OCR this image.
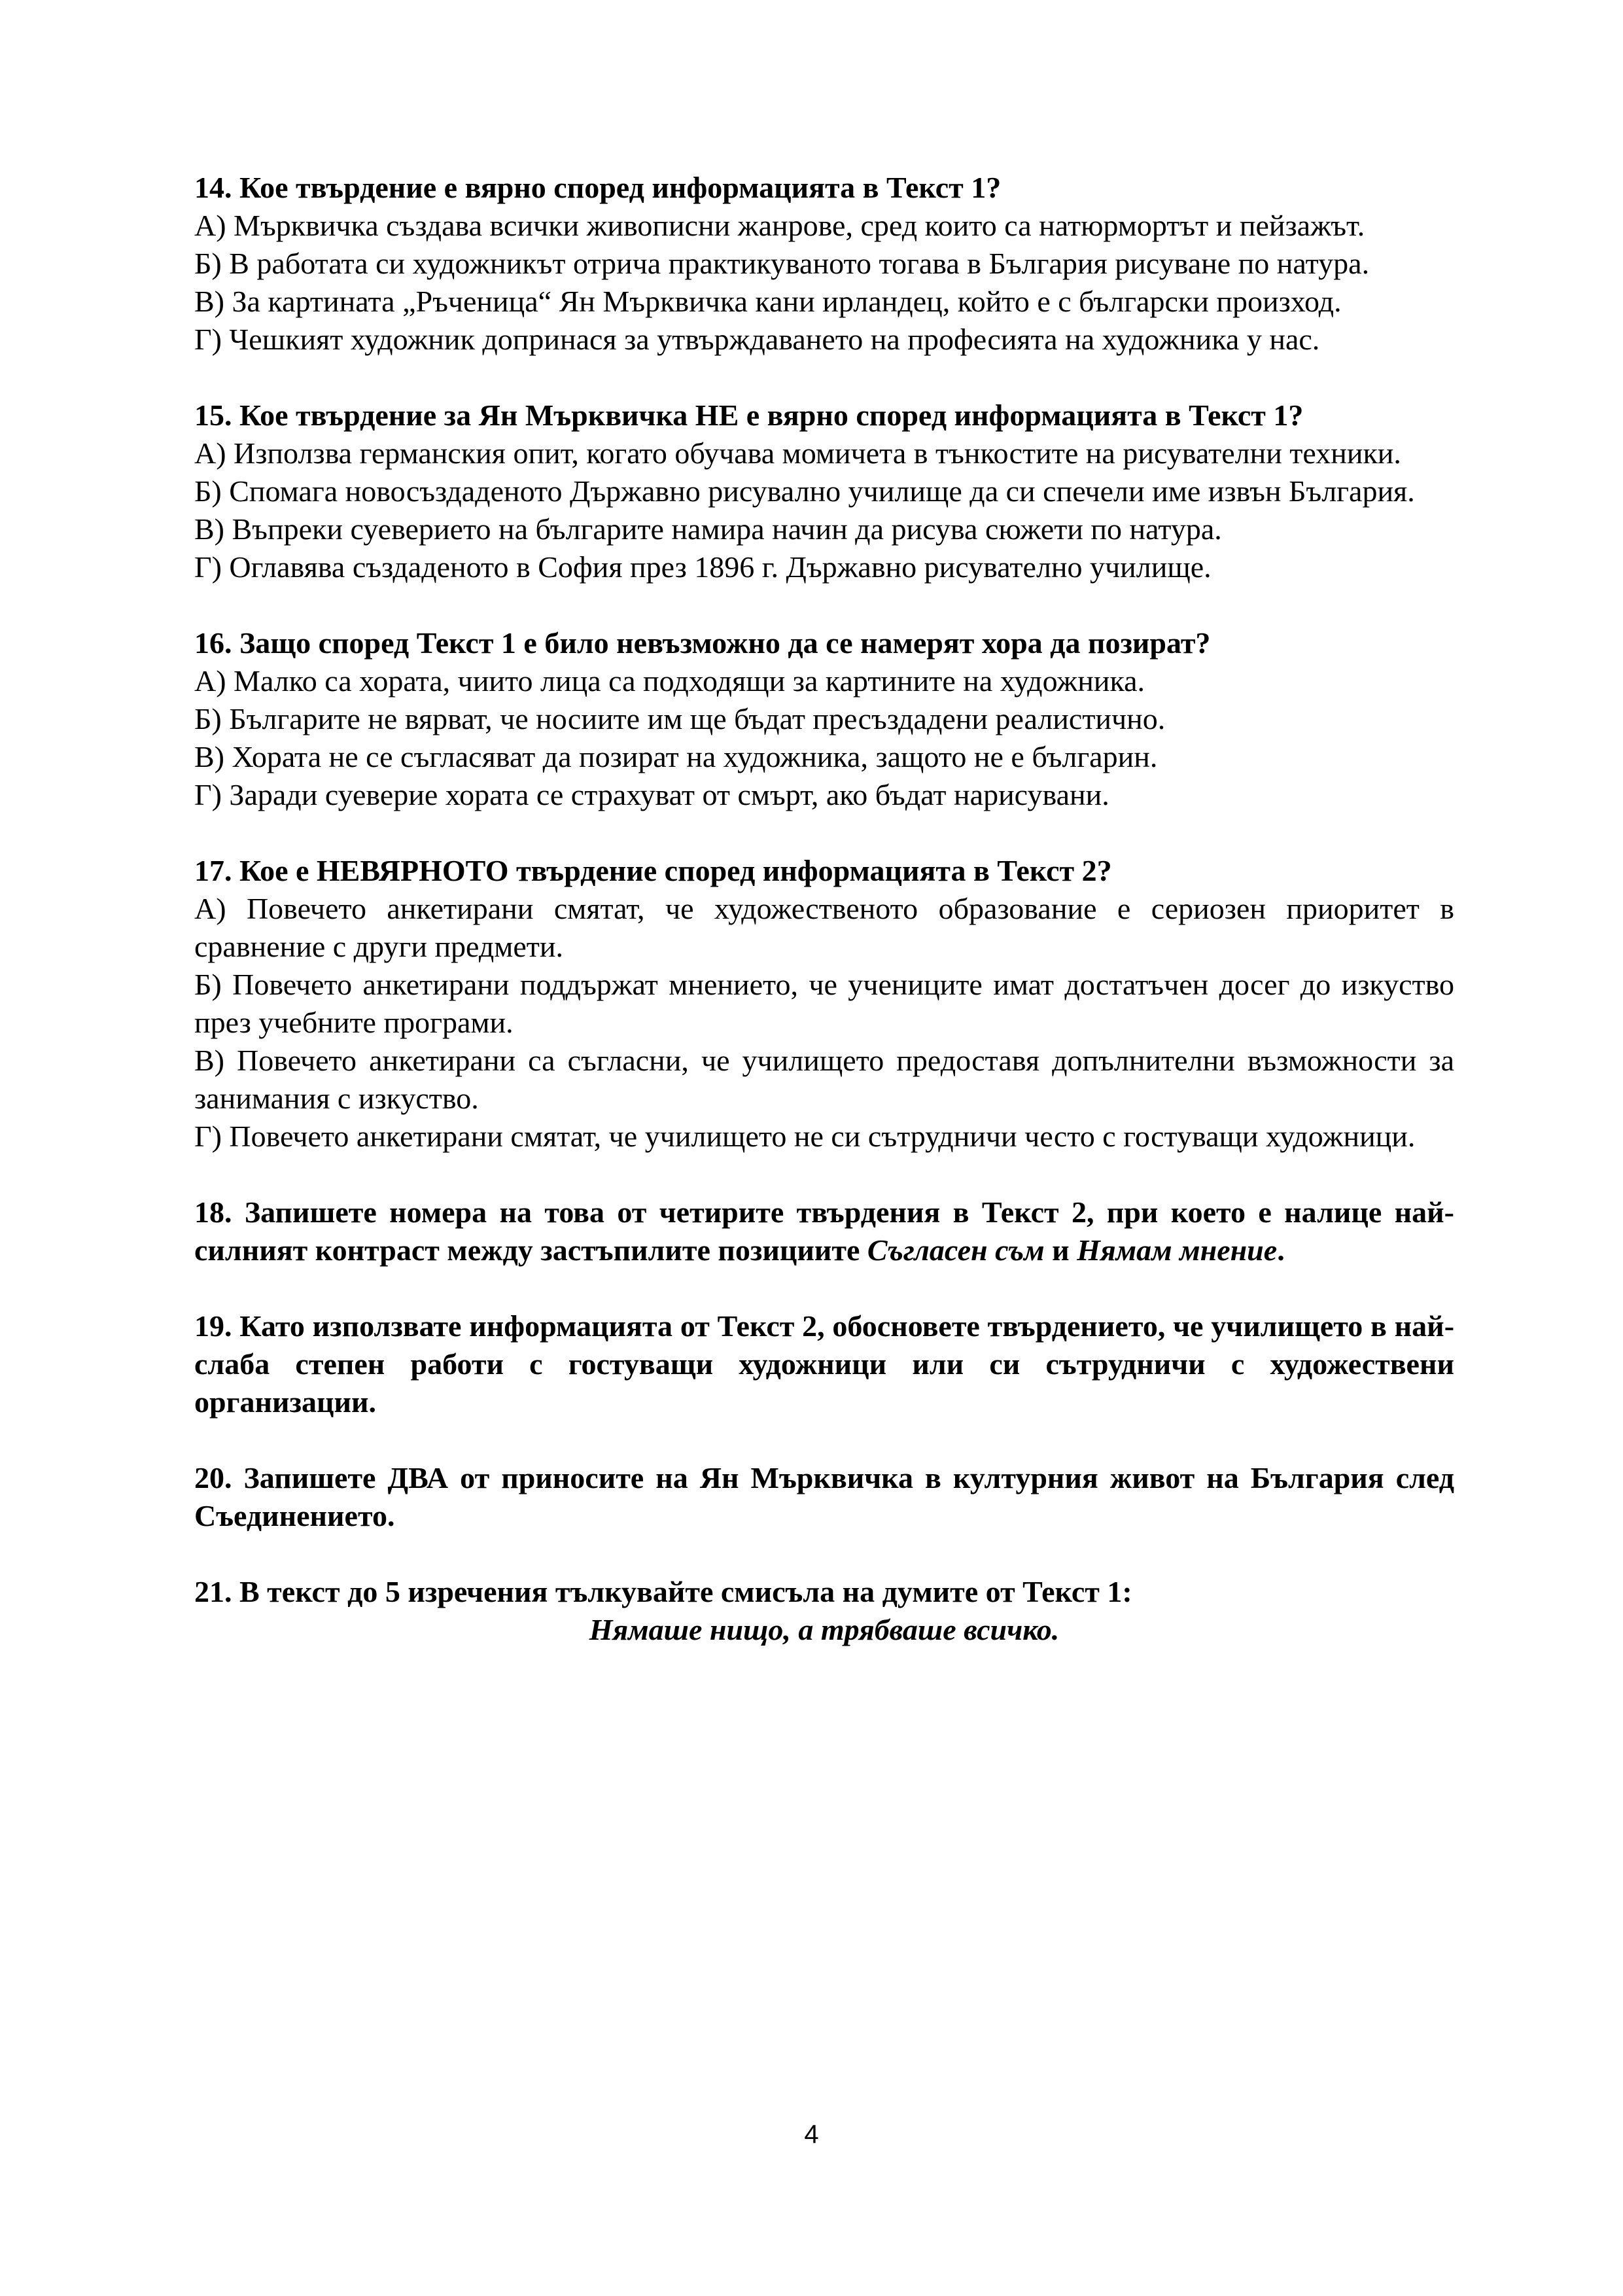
14. Кое твърдение е вярно според информацията в Текст 1?
А) Мърквичка създава всички живописни жанрове, сред които са натюрмортът и пейзажът.
Б) В работата си художникът отрича практикуваното тогава в България рисуване по натура.
В) За картината „Ръченица“ Ян Мърквичка кани ирландец, който е с български произход.
Г) Чешкият художник допринася за утвърждаването на професията на художника у нас.
15. Кое твърдение за Ян Мърквичка НЕ е вярно според информацията в Текст 1?
А) Използва германския опит, когато обучава момичета в тънкостите на рисувателни техники.
Б) Спомага новосъздаденото Държавно рисувално училище да си спечели име извън България.
В) Въпреки суеверието на българите намира начин да рисува сюжети по натура.
Г) Оглавява създаденото в София през 1896 г. Държавно рисувателно училище.
16. Защо според Текст 1 е било невъзможно да се намерят хора да позират?
А) Малко са хората, чиито лица са подходящи за картините на художника.
Б) Българите не вярват, че носиите им ще бъдат пресъздадени реалистично.
В) Хората не се съгласяват да позират на художника, защото не е българин.
Г) Заради суеверие хората се страхуват от смърт, ако бъдат нарисувани.
17. Кое е НЕВЯРНОТО твърдение според информацията в Текст 2?
А) Повечето анкетирани смятат, че художественото образование е сериозен приоритет в сравнение с други предмети.
Б) Повечето анкетирани поддържат мнението, че учениците имат достатъчен досег до изкуство през учебните програми.
В) Повечето анкетирани са съгласни, че училището предоставя допълнителни възможности за занимания с изкуство.
Г) Повечето анкетирани смятат, че училището не си сътрудничи често с гостуващи художници.
18. Запишете номера на това от четирите твърдения в Текст 2, при което е налице най-силният контраст между застъпилите позициите Съгласен съм и Нямам мнение.
19. Като използвате информацията от Текст 2, обосновете твърдението, че училището в най-слаба степен работи с гостуващи художници или си сътрудничи с художествени организации.
20. Запишете ДВА от приносите на Ян Мърквичка в културния живот на България след Съединението.
21. В текст до 5 изречения тълкувайте смисъла на думите от Текст 1:
Нямаше нищо, а трябваше всичко.
4
